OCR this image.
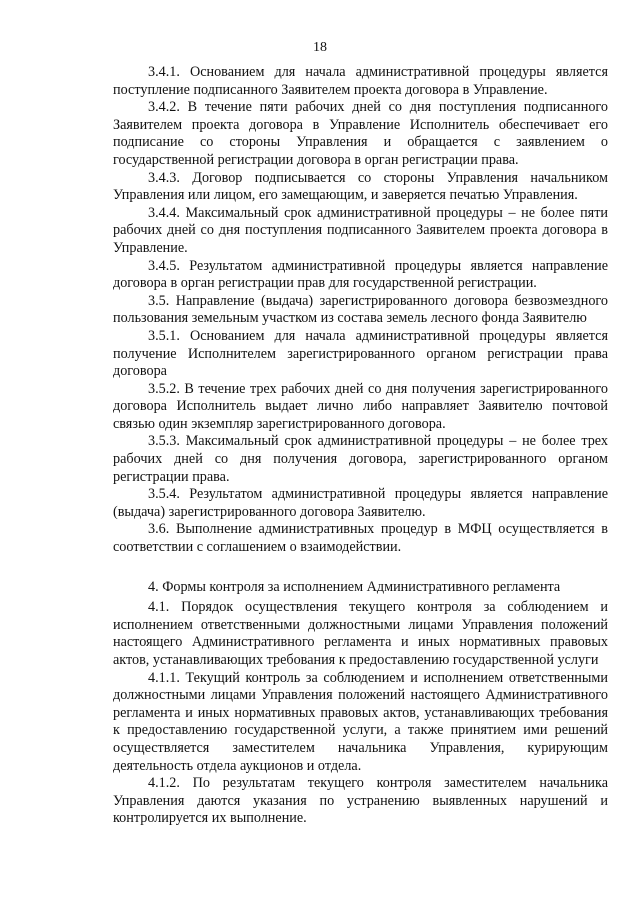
18

3.4.1. Основанием для начала административной процедуры является поступление подписанного Заявителем проекта договора в Управление.

3.4.2. В течение пяти рабочих дней со дня поступления подписанного Заявителем проекта договора в Управление Исполнитель обеспечивает его подписание со стороны Управления и обращается с заявлением о государственной регистрации договора в орган регистрации права.

3.4.3. Договор подписывается со стороны Управления начальником Управления или лицом, его замещающим, и заверяется печатью Управления.

3.4.4. Максимальный срок административной процедуры – не более пяти рабочих дней со дня поступления подписанного Заявителем проекта договора в Управление.

3.4.5. Результатом административной процедуры является направление договора в орган регистрации прав для государственной регистрации.

3.5. Направление (выдача) зарегистрированного договора безвозмездного пользования земельным участком из состава земель лесного фонда Заявителю

3.5.1. Основанием для начала административной процедуры является получение Исполнителем зарегистрированного органом регистрации права договора

3.5.2. В течение трех рабочих дней со дня получения зарегистрированного договора Исполнитель выдает лично либо направляет Заявителю почтовой связью один экземпляр зарегистрированного договора.

3.5.3. Максимальный срок административной процедуры – не более трех рабочих дней со дня получения договора, зарегистрированного органом регистрации права.

3.5.4. Результатом административной процедуры является направление (выдача) зарегистрированного договора Заявителю.

3.6. Выполнение административных процедур в МФЦ осуществляется в соответствии с соглашением о взаимодействии.

4. Формы контроля за исполнением Административного регламента

4.1. Порядок осуществления текущего контроля за соблюдением и исполнением ответственными должностными лицами Управления положений настоящего Административного регламента и иных нормативных правовых актов, устанавливающих требования к предоставлению государственной услуги

4.1.1. Текущий контроль за соблюдением и исполнением ответственными должностными лицами Управления положений настоящего Административного регламента и иных нормативных правовых актов, устанавливающих требования к предоставлению государственной услуги, а также принятием ими решений осуществляется заместителем начальника Управления, курирующим деятельность отдела аукционов и отдела.

4.1.2. По результатам текущего контроля заместителем начальника Управления даются указания по устранению выявленных нарушений и контролируется их выполнение.
